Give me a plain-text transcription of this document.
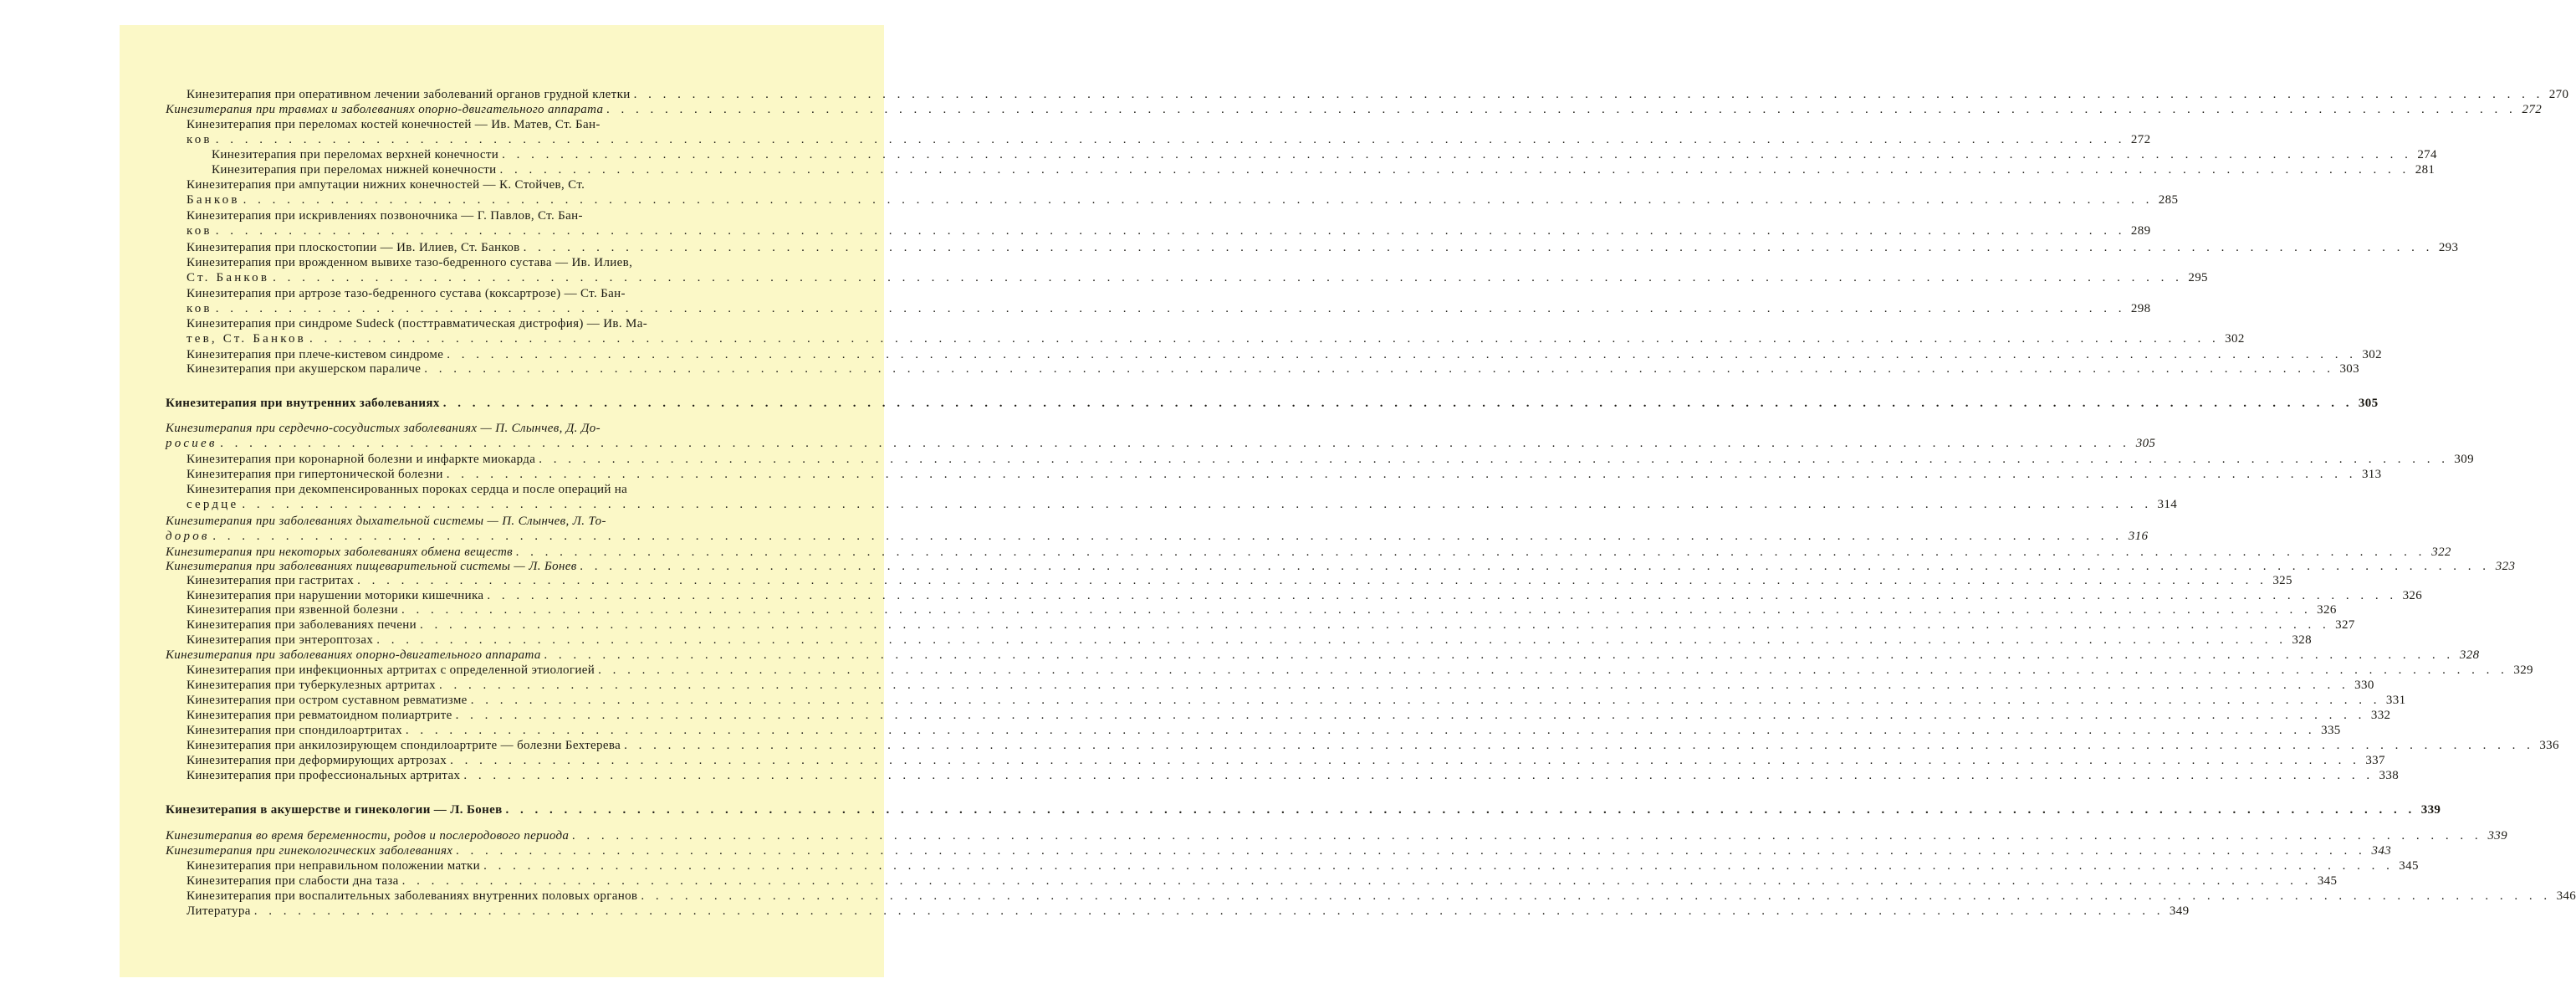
Кинезитерапия при оперативном лечении заболеваний органов грудной клетки . . .	270
Кинезитерапия при травмах и заболеваниях опорно-двигательного аппарата . . .	272
Кинезитерапия при переломах костей конечностей — Ив. Матев, Ст. Бан-
ков . . .	272
Кинезитерапия при переломах верхней конечности . . .	274
Кинезитерапия при переломах нижней конечности . . .	281
Кинезитерапия при ампутации нижних конечностей — К. Стойчев, Ст.
Банков . . .	285
Кинезитерапия при искривлениях позвоночника — Г. Павлов, Ст. Бан-
ков . . .	289
Кинезитерапия при плоскостопии — Ив. Илиев, Ст. Банков . . .	293
Кинезитерапия при врожденном вывихе тазо-бедренного сустава — Ив. Илиев,
Ст. Банков . . .	295
Кинезитерапия при артрозе тазо-бедренного сустава (коксартрозе) — Ст. Бан-
ков . . .	298
Кинезитерапия при синдроме Sudeck (посттравматическая дистрофия) — Ив. Ма-
тев, Ст. Банков . . .	302
Кинезитерапия при плече-кистевом синдроме . . .	302
Кинезитерапия при акушерском параличе . . .	303
Кинезитерапия при внутренних заболеваниях . . .	305
Кинезитерапия при сердечно-сосудистых заболеваниях — П. Слынчев, Д. До-
росиев . . .	305
Кинезитерапия при коронарной болезни и инфаркте миокарда . . .	309
Кинезитерапия при гипертонической болезни . . .	313
Кинезитерапия при декомпенсированных пороках сердца и после операций на
сердце . . .	314
Кинезитерапия при заболеваниях дыхательной системы — П. Слынчев, Л. То-
доров . . .	316
Кинезитерапия при некоторых заболеваниях обмена веществ . . .	322
Кинезитерапия при заболеваниях пищеварительной системы — Л. Бонев . . .	323
Кинезитерапия при гастритах . . .	325
Кинезитерапия при нарушении моторики кишечника . . .	326
Кинезитерапия при язвенной болезни . . .	326
Кинезитерапия при заболеваниях печени . . .	327
Кинезитерапия при энтероптозах . . .	328
Кинезитерапия при заболеваниях опорно-двигательного аппарата . . .	328
Кинезитерапия при инфекционных артритах с определенной этиологией . . .	329
Кинезитерапия при туберкулезных артритах . . .	330
Кинезитерапия при остром суставном ревматизме . . .	331
Кинезитерапия при ревматоидном полиартрите . . .	332
Кинезитерапия при спондилоартритах . . .	335
Кинезитерапия при анкилозирующем спондилоартрите — болезни Бехтерева . . .	336
Кинезитерапия при деформирующих артрозах . . .	337
Кинезитерапия при профессиональных артритах . . .	338
Кинезитерапия в акушерстве и гинекологии — Л. Бонев . . .	339
Кинезитерапия во время беременности, родов и послеродового периода . . .	339
Кинезитерапия при гинекологических заболеваниях . . .	343
Кинезитерапия при неправильном положении матки . . .	345
Кинезитерапия при слабости дна таза . . .	345
Кинезитерапия при воспалительных заболеваниях внутренних половых органов . . .	346
Литература . . .	349
